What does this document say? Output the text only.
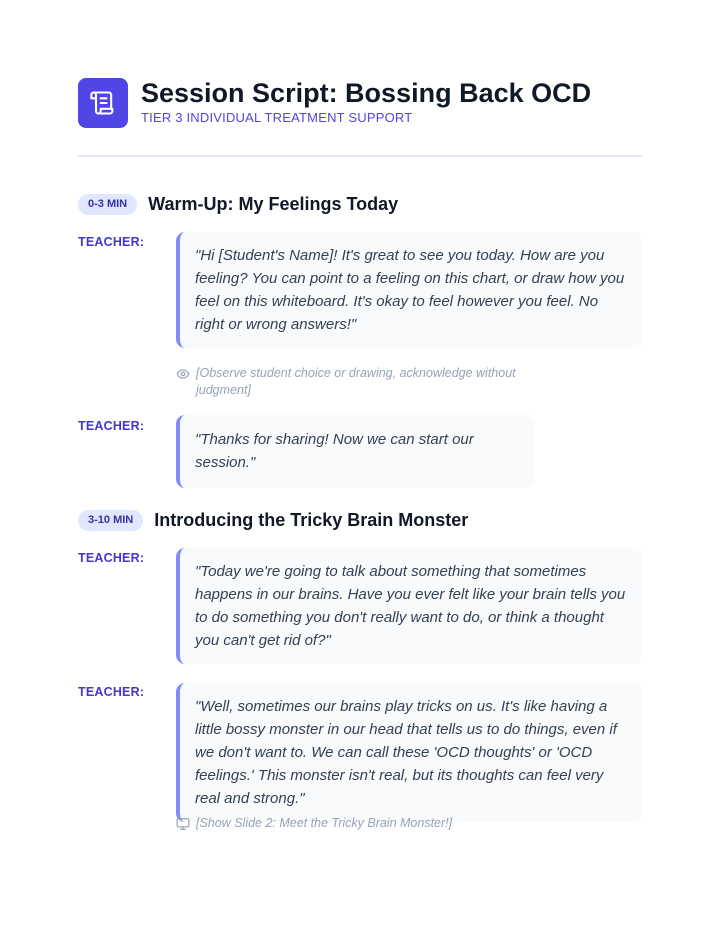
Session Script: Bossing Back OCD
TIER 3 INDIVIDUAL TREATMENT SUPPORT
0-3 MIN	Warm-Up: My Feelings Today
TEACHER:
"Hi [Student's Name]! It's great to see you today. How are you feeling? You can point to a feeling on this chart, or draw how you feel on this whiteboard. It's okay to feel however you feel. No right or wrong answers!"
[Observe student choice or drawing, acknowledge without judgment]
TEACHER:
"Thanks for sharing! Now we can start our session."
3-10 MIN	Introducing the Tricky Brain Monster
TEACHER:
"Today we're going to talk about something that sometimes happens in our brains. Have you ever felt like your brain tells you to do something you don't really want to do, or think a thought you can't get rid of?"
TEACHER:
"Well, sometimes our brains play tricks on us. It's like having a little bossy monster in our head that tells us to do things, even if we don't want to. We can call these 'OCD thoughts' or 'OCD feelings.' This monster isn't real, but its thoughts can feel very real and strong."
[Show Slide 2: Meet the Tricky Brain Monster!]
